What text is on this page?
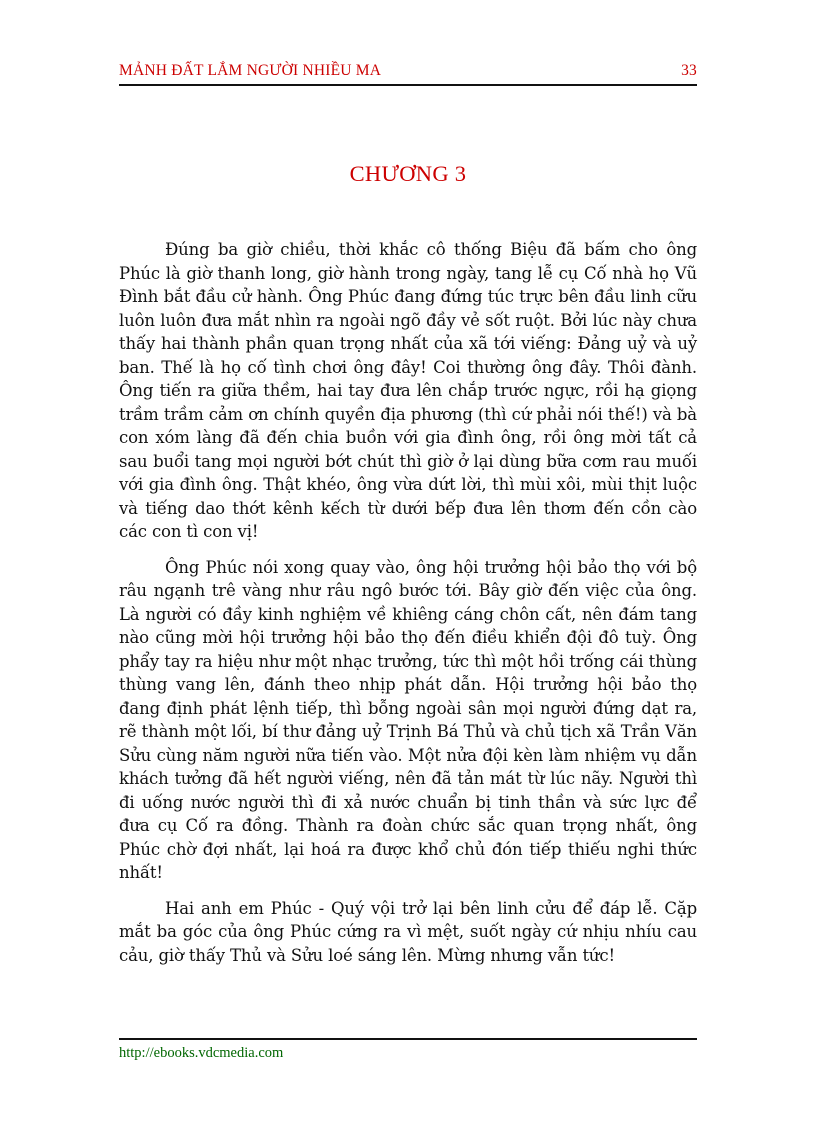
MẢNH ĐẤT LẮM NGƯỜI NHIỀU MA	33
CHƯƠNG 3

Đúng ba giờ chiều, thời khắc cô thống Biệu đã bấm cho ông Phúc là giờ thanh long, giờ hành trong ngày, tang lễ cụ Cố nhà họ Vũ Đình bắt đầu cử hành. Ông Phúc đang đứng túc trực bên đầu linh cữu luôn luôn đưa mắt nhìn ra ngoài ngõ đầy vẻ sốt ruột. Bởi lúc này chưa thấy hai thành phần quan trọng nhất của xã tới viếng: Đảng uỷ và uỷ ban. Thế là họ cố tình chơi ông đây! Coi thường ông đây. Thôi đành. Ông tiến ra giữa thềm, hai tay đưa lên chắp trước ngực, rồi hạ giọng trầm trầm cảm ơn chính quyền địa phương (thì cứ phải nói thế!) và bà con xóm làng đã đến chia buồn với gia đình ông, rồi ông mời tất cả sau buổi tang mọi người bớt chút thì giờ ở lại dùng bữa cơm rau muối với gia đình ông. Thật khéo, ông vừa dứt lời, thì mùi xôi, mùi thịt luộc và tiếng dao thớt kênh kếch từ dưới bếp đưa lên thơm đến cồn cào các con tì con vị!

Ông Phúc nói xong quay vào, ông hội trưởng hội bảo thọ với bộ râu ngạnh trê vàng như râu ngô bước tới. Bây giờ đến việc của ông. Là người có đầy kinh nghiệm về khiêng cáng chôn cất, nên đám tang nào cũng mời hội trưởng hội bảo thọ đến điều khiển đội đô tuỳ. Ông phẩy tay ra hiệu như một nhạc trưởng, tức thì một hồi trống cái thùng thùng vang lên, đánh theo nhịp phát dẫn. Hội trưởng hội bảo thọ đang định phát lệnh tiếp, thì bỗng ngoài sân mọi người đứng dạt ra, rẽ thành một lối, bí thư đảng uỷ Trịnh Bá Thủ và chủ tịch xã Trần Văn Sửu cùng năm người nữa tiến vào. Một nửa đội kèn làm nhiệm vụ dẫn khách tưởng đã hết người viếng, nên đã tản mát từ lúc nãy. Người thì đi uống nước người thì đi xả nước chuẩn bị tinh thần và sức lực để đưa cụ Cố ra đồng. Thành ra đoàn chức sắc quan trọng nhất, ông Phúc chờ đợi nhất, lại hoá ra được khổ chủ đón tiếp thiếu nghi thức nhất!

Hai anh em Phúc - Quý vội trở lại bên linh cửu để đáp lễ. Cặp mắt ba góc của ông Phúc cứng ra vì mệt, suốt ngày cứ nhịu nhíu cau cảu, giờ thấy Thủ và Sửu loé sáng lên. Mừng nhưng vẫn tức!

http://ebooks.vdcmedia.com
